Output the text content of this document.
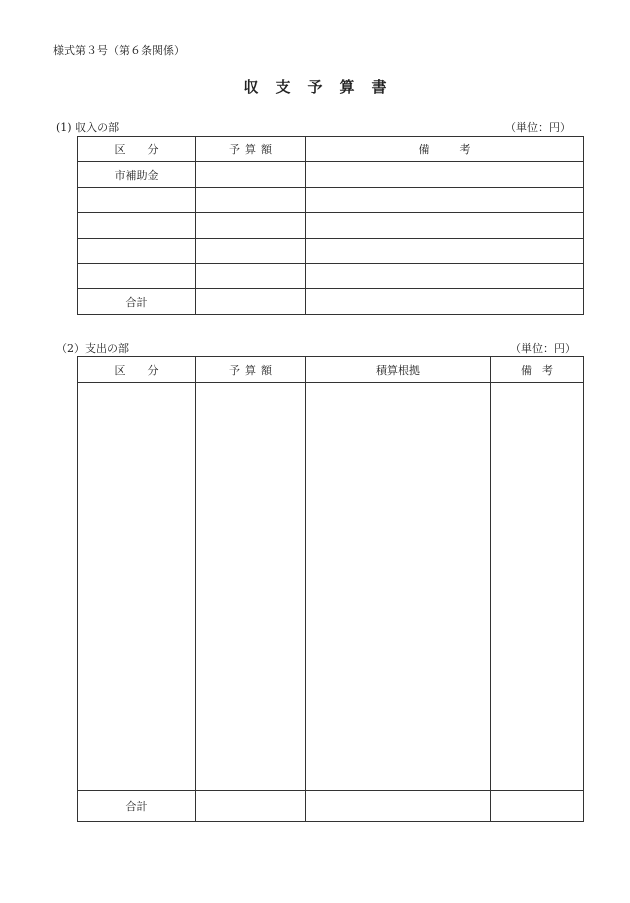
様式第３号（第６条関係）
収支予算書
(1) 収入の部	（単位：円）
区分	予算額	備考
市補助金		

合計		
（2）支出の部	（単位：円）
区分	予算額	積算根拠	備考

合計			
